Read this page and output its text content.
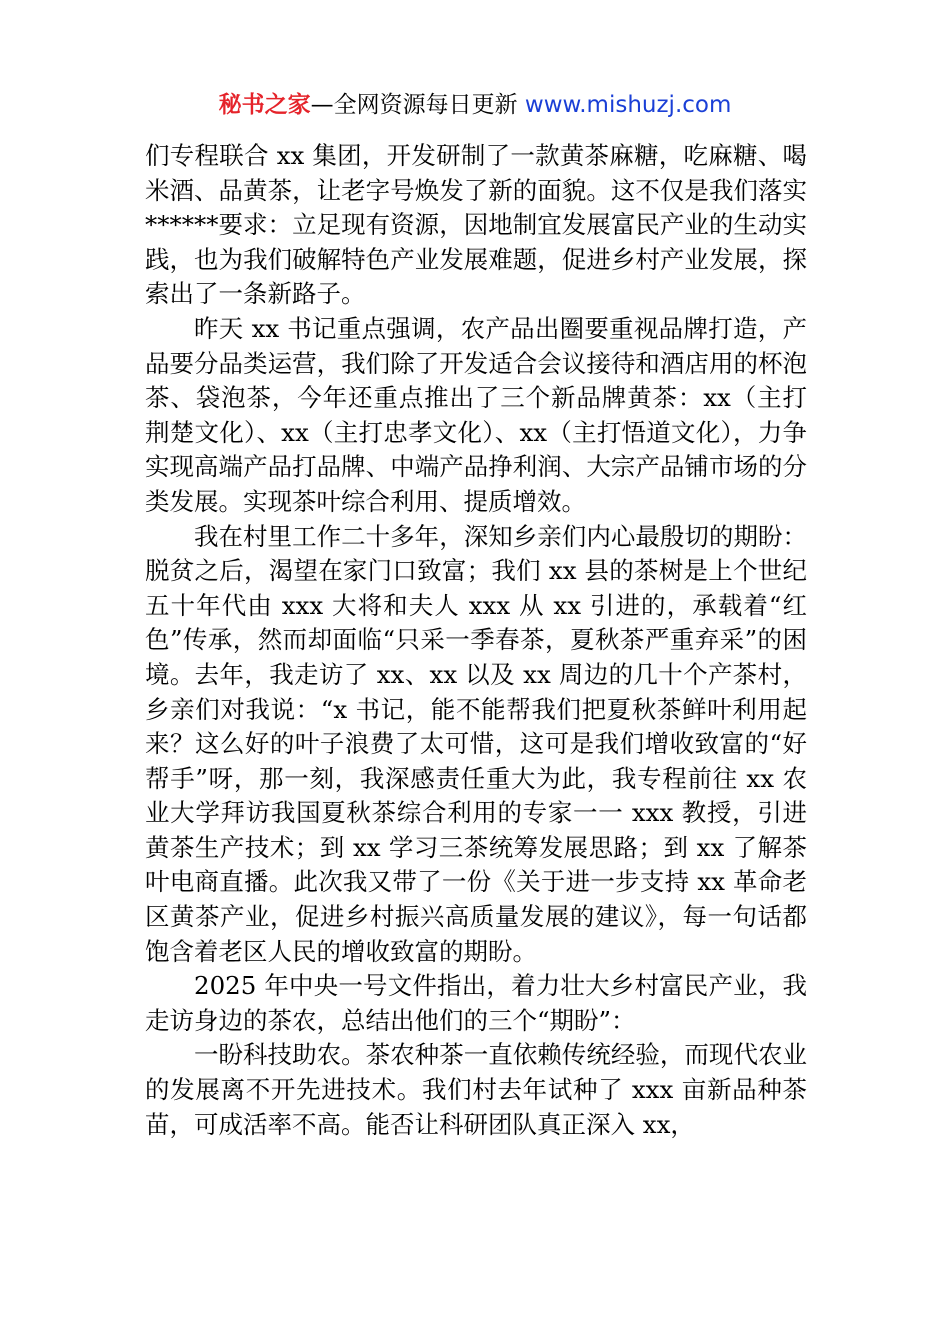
秘书之家—全网资源每日更新 www.mishuzj.com

们专程联合 xx 集团，开发研制了一款黄茶麻糖，吃麻糖、喝米酒、品黄茶，让老字号焕发了新的面貌。这不仅是我们落实******要求：立足现有资源，因地制宜发展富民产业的生动实践，也为我们破解特色产业发展难题，促进乡村产业发展，探索出了一条新路子。

昨天 xx 书记重点强调，农产品出圈要重视品牌打造，产品要分品类运营，我们除了开发适合会议接待和酒店用的杯泡茶、袋泡茶，今年还重点推出了三个新品牌黄茶：xx（主打荆楚文化）、xx（主打忠孝文化）、xx（主打悟道文化），力争实现高端产品打品牌、中端产品挣利润、大宗产品铺市场的分类发展。实现茶叶综合利用、提质增效。

我在村里工作二十多年，深知乡亲们内心最殷切的期盼：脱贫之后，渴望在家门口致富；我们 xx 县的茶树是上个世纪五十年代由 xxx 大将和夫人 xxx 从 xx 引进的，承载着“红色”传承，然而却面临“只采一季春茶，夏秋茶严重弃采”的困境。去年，我走访了 xx、xx 以及 xx 周边的几十个产茶村，乡亲们对我说：“x 书记，能不能帮我们把夏秋茶鲜叶利用起来？这么好的叶子浪费了太可惜，这可是我们增收致富的“好帮手”呀，那一刻，我深感责任重大为此，我专程前往 xx 农业大学拜访我国夏秋茶综合利用的专家一一 xxx 教授，引进黄茶生产技术；到 xx 学习三茶统筹发展思路；到 xx 了解茶叶电商直播。此次我又带了一份《关于进一步支持 xx 革命老区黄茶产业，促进乡村振兴高质量发展的建议》，每一句话都饱含着老区人民的增收致富的期盼。

2025 年中央一号文件指出，着力壮大乡村富民产业，我走访身边的茶农，总结出他们的三个“期盼”：

一盼科技助农。茶农种茶一直依赖传统经验，而现代农业的发展离不开先进技术。我们村去年试种了 xxx 亩新品种茶苗，可成活率不高。能否让科研团队真正深入 xx，
